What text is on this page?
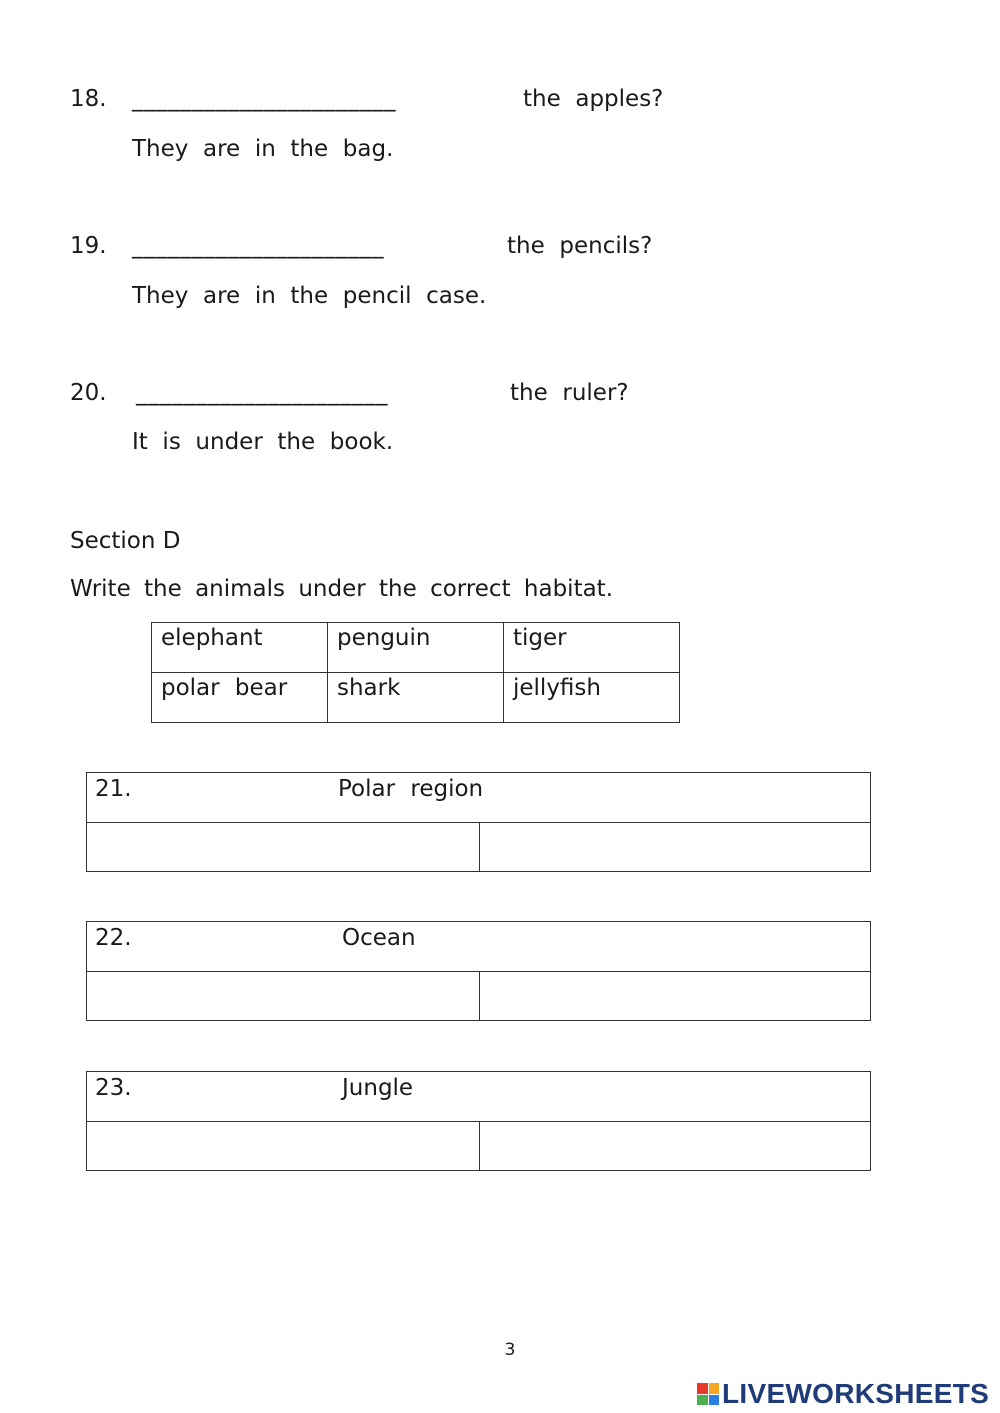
18. ______________________	the  apples?
They  are  in  the  bag.
19. _____________________	the  pencils?
They  are  in  the  pencil  case.
20. _____________________	the  ruler?
It  is  under  the  book.
Section D
Write the animals under the correct habitat.
elephant	penguin	tiger
polar bear	shark	jellyfish
21.	Polar region
22.	Ocean
23.	Jungle
3
LIVEWORKSHEETS
